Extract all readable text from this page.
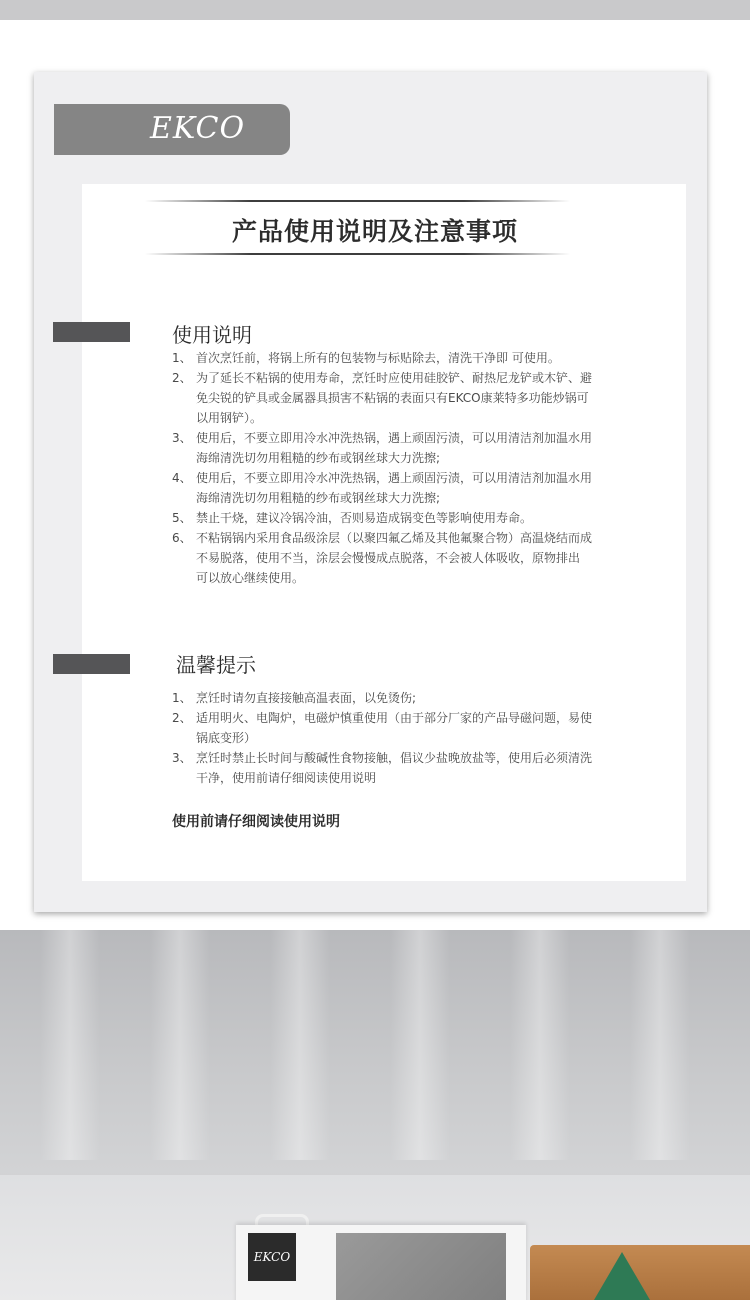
EKCO
产品使用说明及注意事项
使用说明
1、 首次烹饪前，将锅上所有的包装物与标贴除去，清洗干净即 可使用。
2、 为了延长不粘锅的使用寿命，烹饪时应使用硅胶铲、耐热尼龙铲或木铲、避
免尖锐的铲具或金属器具损害不粘锅的表面只有EKCO康莱特多功能炒锅可
以用钢铲）。
3、 使用后，不要立即用冷水冲洗热锅，遇上顽固污渍，可以用清洁剂加温水用
海绵清洗切勿用粗糙的纱布或钢丝球大力洗擦;
4、 使用后，不要立即用冷水冲洗热锅，遇上顽固污渍，可以用清洁剂加温水用
海绵清洗切勿用粗糙的纱布或钢丝球大力洗擦;
5、 禁止干烧，建议冷锅冷油，否则易造成锅变色等影响使用寿命。
6、 不粘锅锅内采用食品级涂层（以聚四氟乙烯及其他氟聚合物）高温烧结而成
不易脱落，使用不当，涂层会慢慢成点脱落，不会被人体吸收，原物排出
可以放心继续使用。
温馨提示
1、 烹饪时请勿直接接触高温表面，以免烫伤;
2、 适用明火、电陶炉，电磁炉慎重使用（由于部分厂家的产品导磁问题，易使
锅底变形）
3、 烹饪时禁止长时间与酸碱性食物接触，倡议少盐晚放盐等，使用后必须清洗
干净，使用前请仔细阅读使用说明

使用前请仔细阅读使用说明

EKCO
